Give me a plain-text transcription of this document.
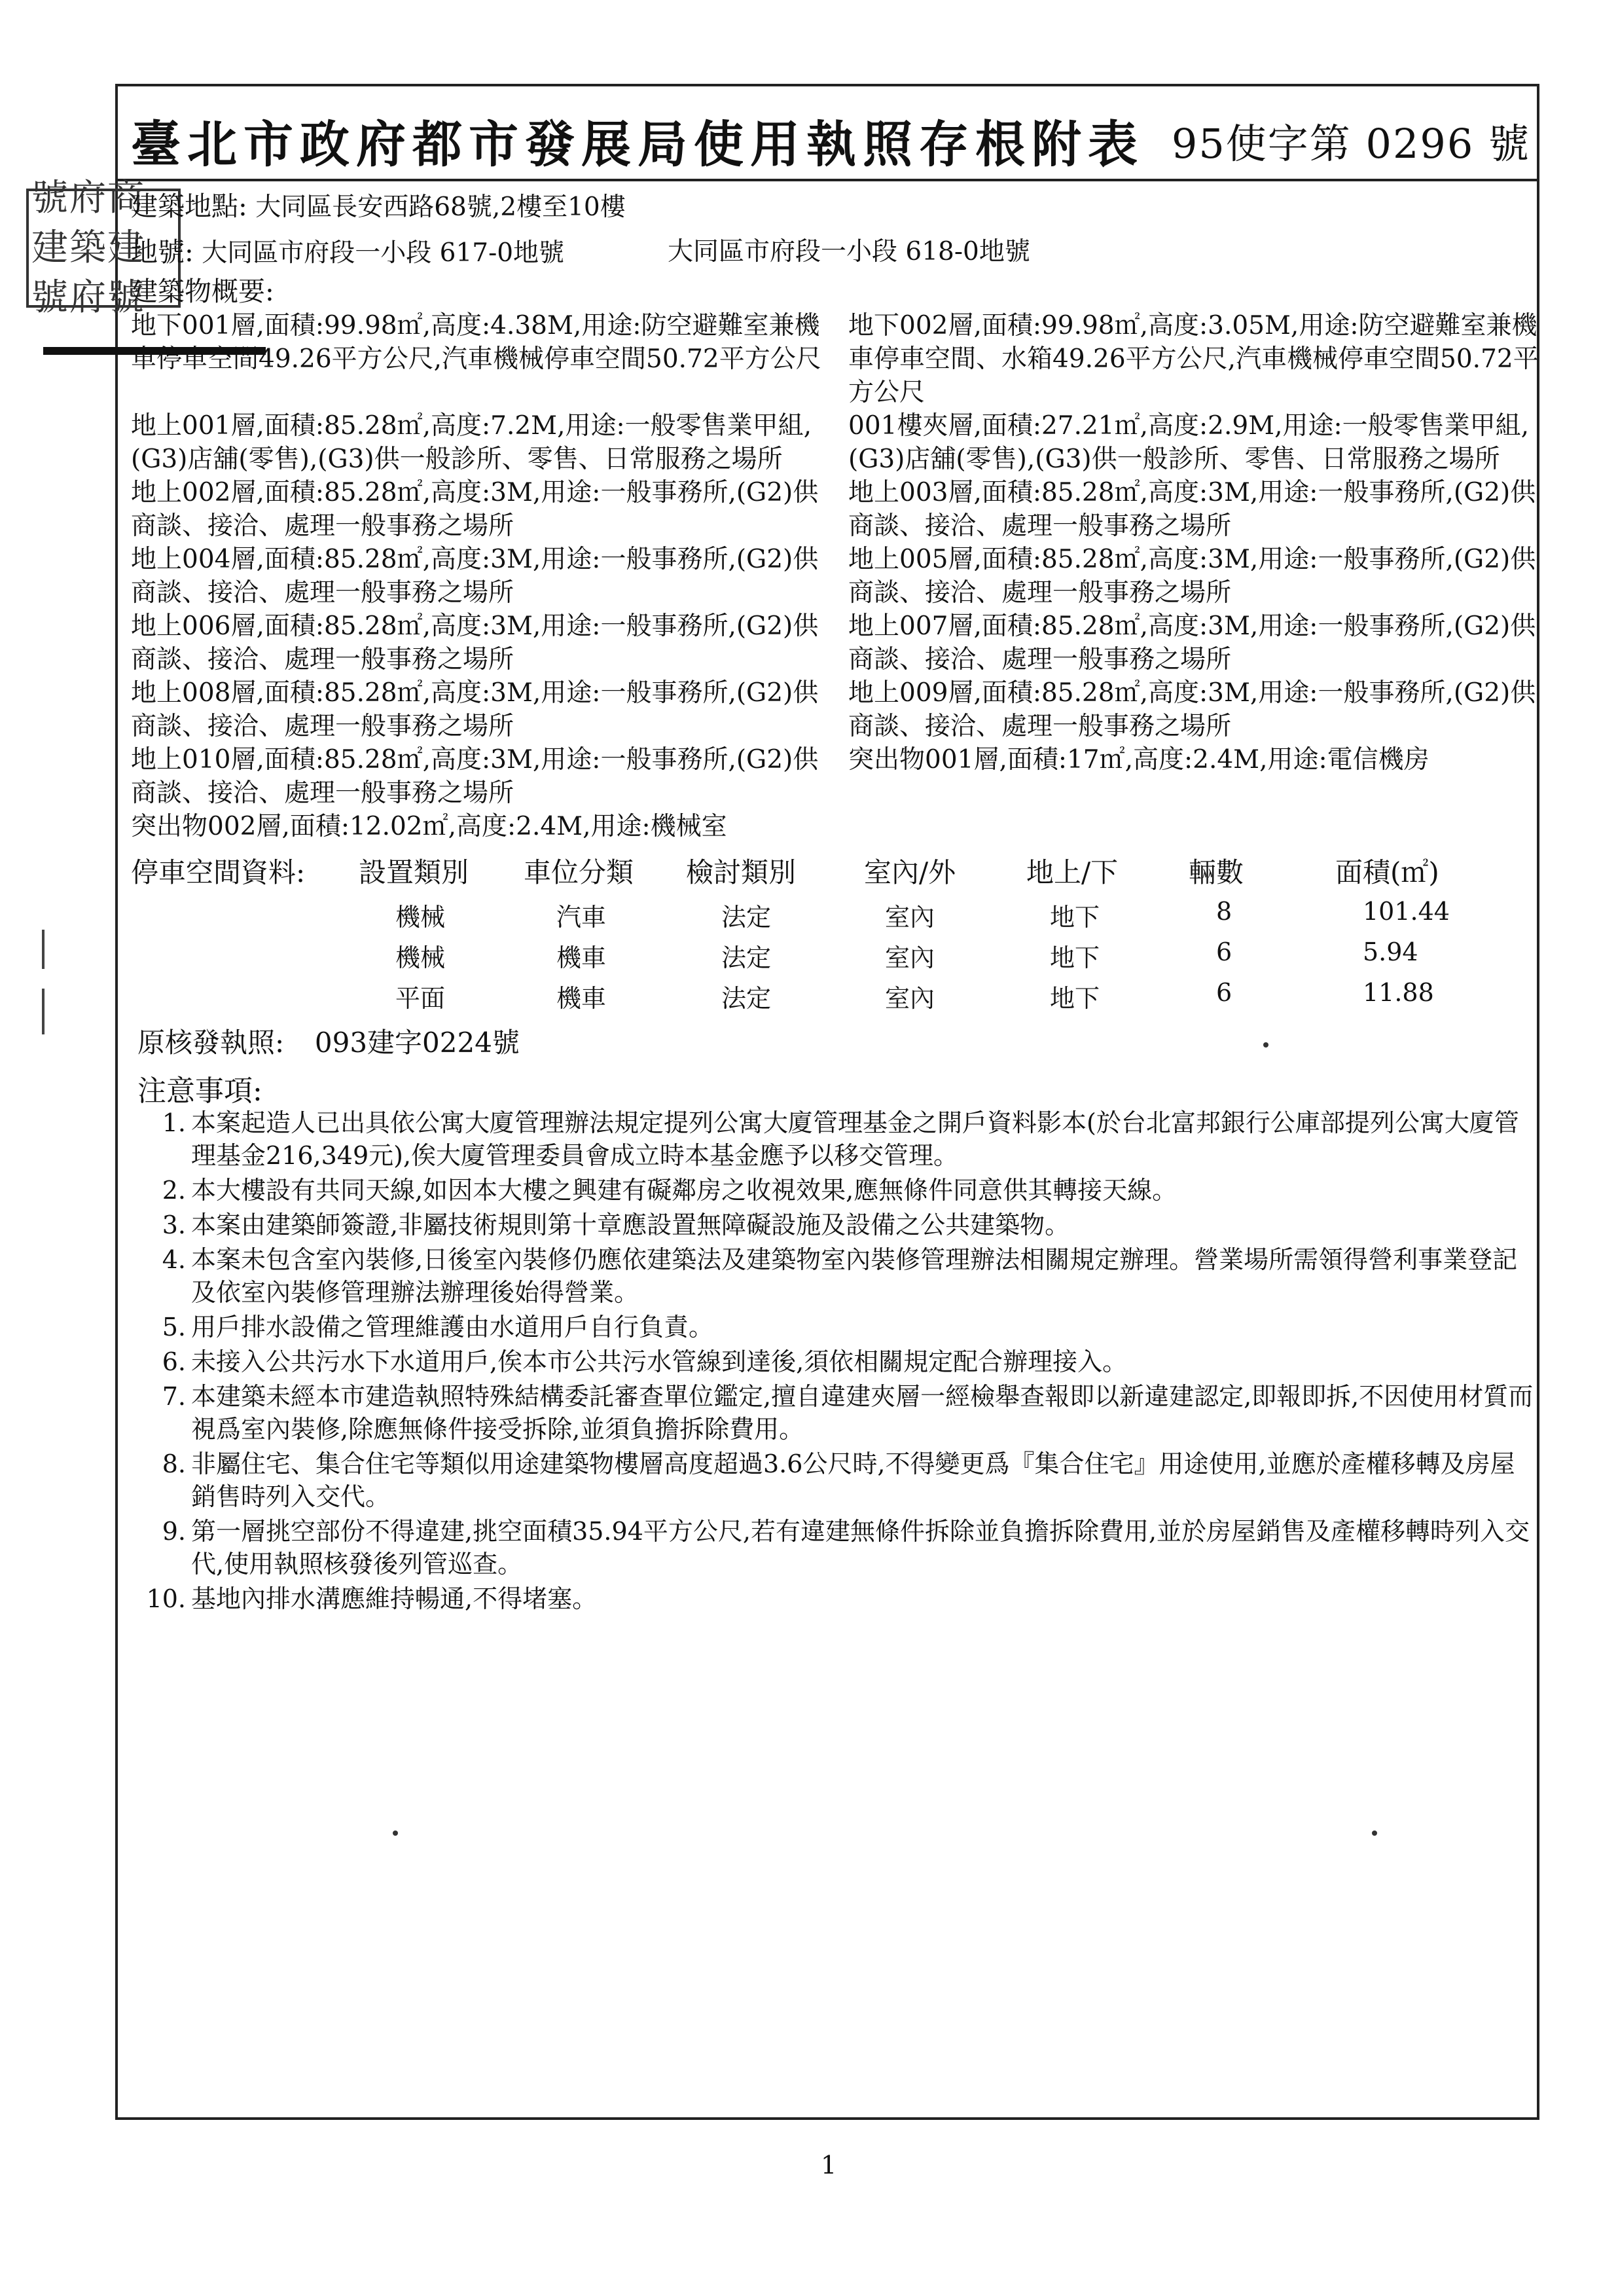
臺北市政府都市發展局使用執照存根附表 95使字第 0296 號
號府商建築建號府號
建築地點: 大同區長安西路68號,2樓至10樓
地號: 大同區市府段一小段 617-0地號	大同區市府段一小段 618-0地號
建築物概要:

地下001層,面積:99.98㎡,高度:4.38M,用途:防空避難室兼機車停車空間49.26平方公尺,汽車機械停車空間50.72平方公尺

地上001層,面積:85.28㎡,高度:7.2M,用途:一般零售業甲組,(G3)店舖(零售),(G3)供一般診所、零售、日常服務之場所

地上002層,面積:85.28㎡,高度:3M,用途:一般事務所,(G2)供商談、接洽、處理一般事務之場所

地上004層,面積:85.28㎡,高度:3M,用途:一般事務所,(G2)供商談、接洽、處理一般事務之場所

地上006層,面積:85.28㎡,高度:3M,用途:一般事務所,(G2)供商談、接洽、處理一般事務之場所

地上008層,面積:85.28㎡,高度:3M,用途:一般事務所,(G2)供商談、接洽、處理一般事務之場所

地上010層,面積:85.28㎡,高度:3M,用途:一般事務所,(G2)供商談、接洽、處理一般事務之場所

突出物002層,面積:12.02㎡,高度:2.4M,用途:機械室

地下002層,面積:99.98㎡,高度:3.05M,用途:防空避難室兼機車停車空間、水箱49.26平方公尺,汽車機械停車空間50.72平方公尺

001樓夾層,面積:27.21㎡,高度:2.9M,用途:一般零售業甲組,(G3)店舖(零售),(G3)供一般診所、零售、日常服務之場所

地上003層,面積:85.28㎡,高度:3M,用途:一般事務所,(G2)供商談、接洽、處理一般事務之場所

地上005層,面積:85.28㎡,高度:3M,用途:一般事務所,(G2)供商談、接洽、處理一般事務之場所

地上007層,面積:85.28㎡,高度:3M,用途:一般事務所,(G2)供商談、接洽、處理一般事務之場所

地上009層,面積:85.28㎡,高度:3M,用途:一般事務所,(G2)供商談、接洽、處理一般事務之場所

突出物001層,面積:17㎡,高度:2.4M,用途:電信機房

停車空間資料: 設置類別 車位分類 檢討類別 室內/外	地上/下	輛數	面積(㎡)
機械	汽車	法定	室內	地下	8	101.44
機械	機車	法定	室內	地下	6	5.94
平面	機車	法定	室內	地下	6	11.88
原核發執照: 093建字0224號
注意事項:
1. 本案起造人已出具依公寓大廈管理辦法規定提列公寓大廈管理基金之開戶資料影本(於台北富邦銀行公庫部提列公寓大廈管理基金216,349元),俟大廈管理委員會成立時本基金應予以移交管理。
2. 本大樓設有共同天線,如因本大樓之興建有礙鄰房之收視效果,應無條件同意供其轉接天線。
3. 本案由建築師簽證,非屬技術規則第十章應設置無障礙設施及設備之公共建築物。
4. 本案未包含室內裝修,日後室內裝修仍應依建築法及建築物室內裝修管理辦法相關規定辦理。營業場所需領得營利事業登記及依室內裝修管理辦法辦理後始得營業。
5. 用戶排水設備之管理維護由水道用戶自行負責。
6. 未接入公共污水下水道用戶,俟本市公共污水管線到達後,須依相關規定配合辦理接入。
7. 本建築未經本市建造執照特殊結構委託審查單位鑑定,擅自違建夾層一經檢舉查報即以新違建認定,即報即拆,不因使用材質而視爲室內裝修,除應無條件接受拆除,並須負擔拆除費用。
8. 非屬住宅、集合住宅等類似用途建築物樓層高度超過3.6公尺時,不得變更爲『集合住宅』用途使用,並應於產權移轉及房屋銷售時列入交代。
9. 第一層挑空部份不得違建,挑空面積35.94平方公尺,若有違建無條件拆除並負擔拆除費用,並於房屋銷售及產權移轉時列入交代,使用執照核發後列管巡查。
10. 基地內排水溝應維持暢通,不得堵塞。
1
